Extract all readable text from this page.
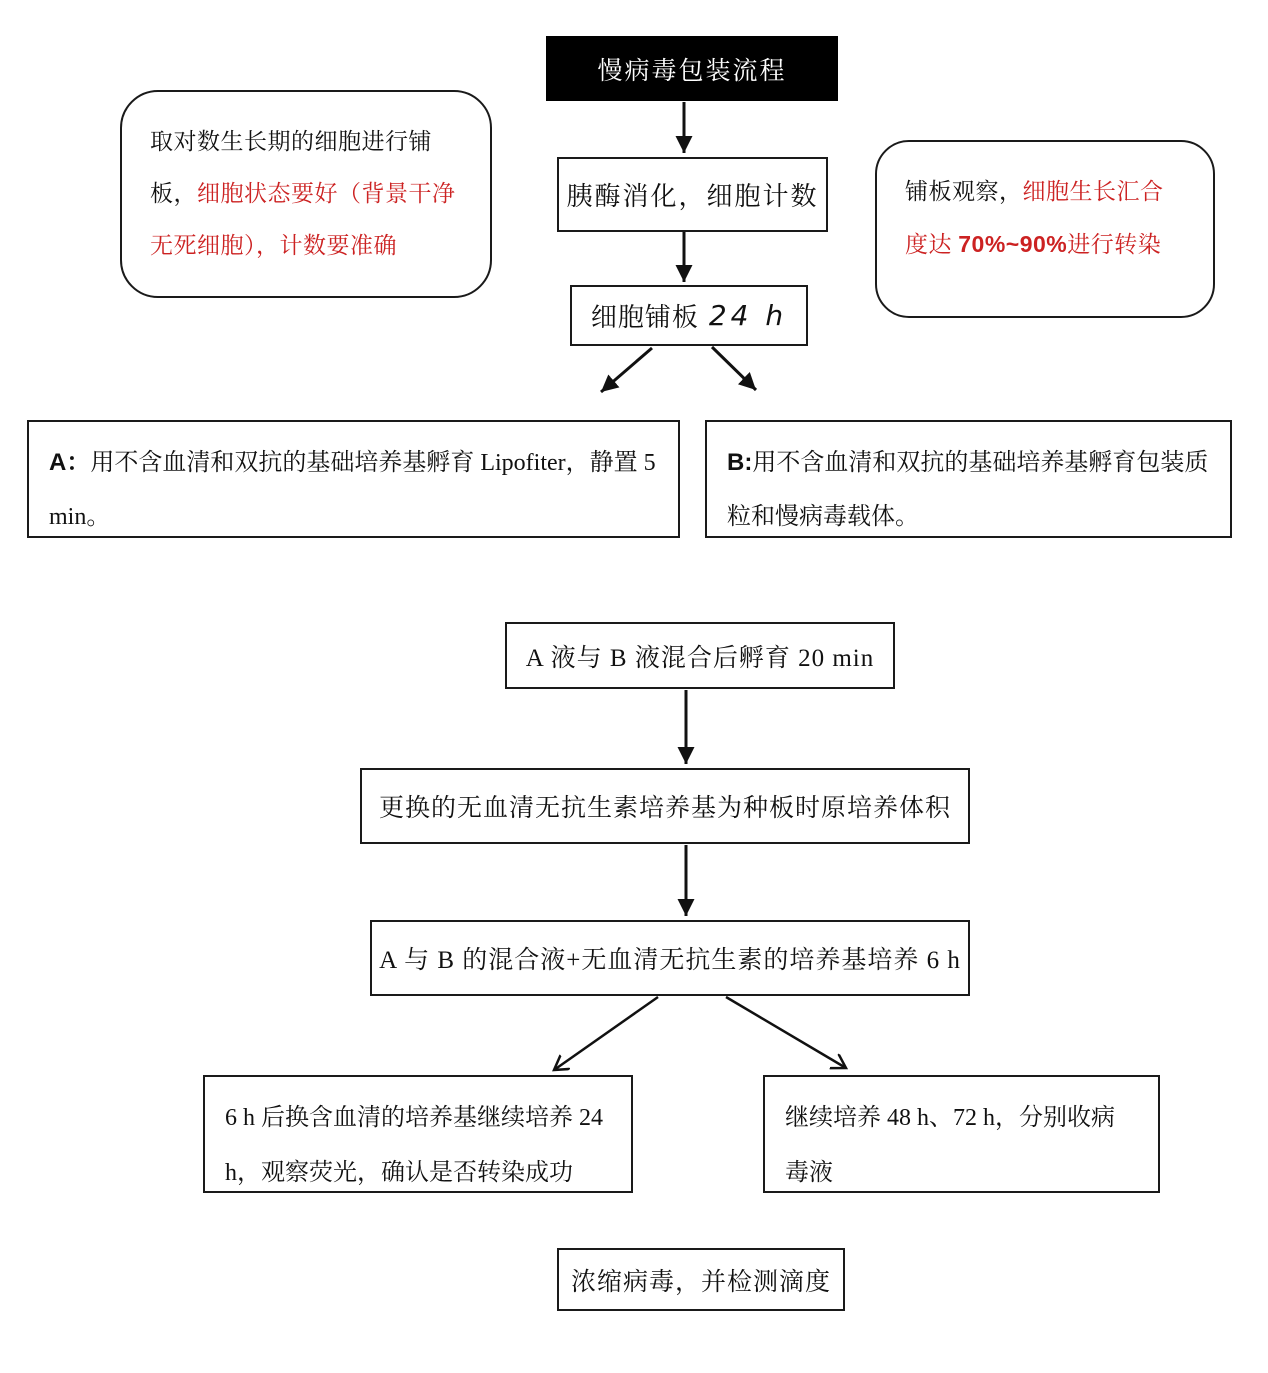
慢病毒包装流程
取对数生长期的细胞进行铺板，细胞状态要好（背景干净无死细胞），计数要准确
铺板观察，细胞生长汇合度达 70%~90%进行转染
胰酶消化，细胞计数
细胞铺板 24 h
A：用不含血清和双抗的基础培养基孵育 Lipofiter，静置 5 min。
B:用不含血清和双抗的基础培养基孵育包装质粒和慢病毒载体。
A 液与 B 液混合后孵育 20 min
更换的无血清无抗生素培养基为种板时原培养体积
A 与 B 的混合液+无血清无抗生素的培养基培养 6 h
6 h 后换含血清的培养基继续培养 24 h，观察荧光，确认是否转染成功
继续培养 48 h、72 h，分别收病毒液
浓缩病毒，并检测滴度
